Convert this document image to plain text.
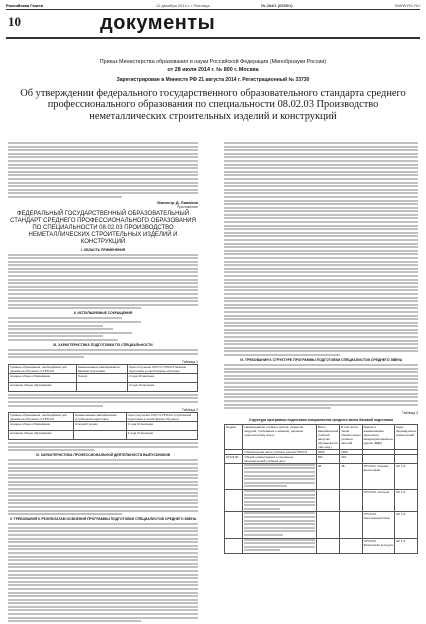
Российская Газета	12 декабря 2014 г. • Пятница	№ 284/1 (6555/1)	WWW.RG.RU
10	документы
Приказ Министерства образования и науки Российской Федерации (Минобрнауки России)
от 28 июля 2014 г. № 800 г. Москва
Зарегистрирован в Минюсте РФ 21 августа 2014 г. Регистрационный № 33730
Об утверждении федерального государственного образовательного стандарта среднего профессионального образования по специальности 08.02.03 Производство неметаллических строительных изделий и конструкций
Министр Д. Ливанов
Приложение
ФЕДЕРАЛЬНЫЙ ГОСУДАРСТВЕННЫЙ ОБРАЗОВАТЕЛЬНЫЙ СТАНДАРТ СРЕДНЕГО ПРОФЕССИОНАЛЬНОГО ОБРАЗОВАНИЯ ПО СПЕЦИАЛЬНОСТИ 08.02.03 ПРОИЗВОДСТВО НЕМЕТАЛЛИЧЕСКИХ СТРОИТЕЛЬНЫХ ИЗДЕЛИЙ И КОНСТРУКЦИЙ
I. ОБЛАСТЬ ПРИМЕНЕНИЯ
II. ИСПОЛЬЗУЕМЫЕ СОКРАЩЕНИЯ
III. ХАРАКТЕРИСТИКА ПОДГОТОВКИ ПО СПЕЦИАЛЬНОСТИ
Таблица 1
Уровень образования, необходимый для приема на обучение по ППССЗ	Наименование квалификации базовой подготовки	Срок получения СПО по ППССЗ базовой подготовки в очной форме обучения
среднее общее образование	Техник	2 года 10 месяцев
основное общее образование		3 года 10 месяцев
Таблица 2
Уровень образования, необходимый для приема на обучение по ППССЗ	Наименование квалификации углубленной подготовки	Срок получения СПО по ППССЗ углубленной подготовки в очной форме обучения
среднее общее образование	Старший техник	3 года 10 месяцев
основное общее образование		4 года 10 месяцев
IV. ХАРАКТЕРИСТИКА ПРОФЕССИОНАЛЬНОЙ ДЕЯТЕЛЬНОСТИ ВЫПУСКНИКОВ
V. ТРЕБОВАНИЯ К РЕЗУЛЬТАТАМ ОСВОЕНИЯ ПРОГРАММЫ ПОДГОТОВКИ СПЕЦИАЛИСТОВ СРЕДНЕГО ЗВЕНА
VI. ТРЕБОВАНИЯ К СТРУКТУРЕ ПРОГРАММЫ ПОДГОТОВКИ СПЕЦИАЛИСТОВ СРЕДНЕГО ЗВЕНА
Таблица 3
Структура программы подготовки специалистов среднего звена базовой подготовки
Индекс	Наименование учебных циклов, разделов, модулей, требования к знаниям, умениям, практическому опыту	Всего максимальной учебной нагрузки обучающегося (час./нед.)	В том числе часов обязательных учебных занятий	Индекс и наименование дисциплин, междисциплинарных курсов (МДК)	Коды формируемых компетенций
	Обязательная часть учебных циклов ППССЗ	2025	1350		
ОГСЭ.00	Общий гуманитарный и социально-экономический учебный цикл	651	434		

	48	48	ОГСЭ.01. Основы философии	ОК 1-9

			ОГСЭ.02. История	ОК 1-9

			ОГСЭ.03. Иностранный язык	ОК 1-9

			ОГСЭ.04. Физическая культура	ОК 1-9
